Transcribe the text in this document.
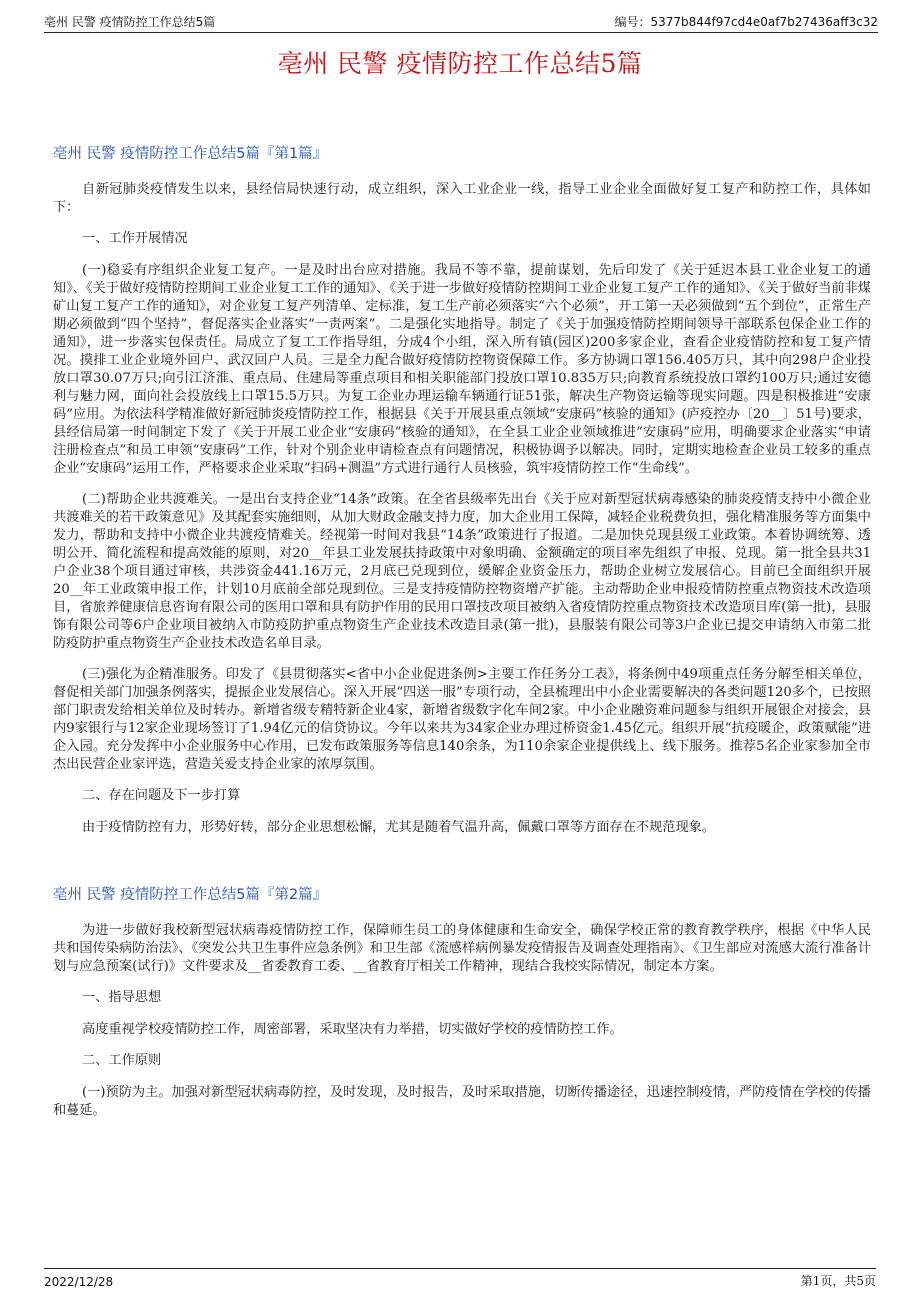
亳州 民警 疫情防控工作总结5篇	编号：5377b844f97cd4e0af7b27436aff3c32
亳州 民警 疫情防控工作总结5篇
亳州 民警 疫情防控工作总结5篇『第1篇』

自新冠肺炎疫情发生以来，县经信局快速行动，成立组织，深入工业企业一线，指导工业企业全面做好复工复产和防控工作，具体如下：

一、工作开展情况

(一)稳妥有序组织企业复工复产。一是及时出台应对措施。我局不等不靠，提前谋划，先后印发了《关于延迟本县工业企业复工的通知》、《关于做好疫情防控期间工业企业复工工作的通知》、《关于进一步做好疫情防控期间工业企业复工复产工作的通知》、《关于做好当前非煤矿山复工复产工作的通知》，对企业复工复产列清单、定标准，复工生产前必须落实“六个必须”，开工第一天必须做到“五个到位”，正常生产期必须做到“四个坚持”，督促落实企业落实“一责两案”。二是强化实地指导。制定了《关于加强疫情防控期间领导干部联系包保企业工作的通知》，进一步落实包保责任。局成立了复工工作指导组，分成4个小组，深入所有镇(园区)200多家企业，查看企业疫情防控和复工复产情况。摸排工业企业境外回户、武汉回户人员。三是全力配合做好疫情防控物资保障工作。多方协调口罩156.405万只，其中向298户企业投放口罩30.07万只;向引江济淮、重点局、住建局等重点项目和相关职能部门投放口罩10.835万只;向教育系统投放口罩约100万只;通过安德利与魅力网，面向社会投放线上口罩15.5万只。为复工企业办理运输车辆通行证51张，解决生产物资运输等现实问题。四是积极推进“安康码”应用。为依法科学精准做好新冠肺炎疫情防控工作，根据县《关于开展县重点领域“安康码”核验的通知》(庐疫控办〔20__〕51号)要求，县经信局第一时间制定下发了《关于开展工业企业“安康码”核验的通知》，在全县工业企业领域推进“安康码”应用，明确要求企业落实“申请注册检查点”和员工申领“安康码”工作，针对个别企业申请检查点有问题情况，积极协调予以解决。同时，定期实地检查企业员工较多的重点企业“安康码”运用工作，严格要求企业采取“扫码+测温”方式进行通行人员核验，筑牢疫情防控工作“生命线”。

(二)帮助企业共渡难关。一是出台支持企业“14条”政策。在全省县级率先出台《关于应对新型冠状病毒感染的肺炎疫情支持中小微企业共渡难关的若干政策意见》及其配套实施细则，从加大财政金融支持力度，加大企业用工保障，减轻企业税费负担，强化精准服务等方面集中发力，帮助和支持中小微企业共渡疫情难关。经视第一时间对我县“14条”政策进行了报道。二是加快兑现县级工业政策。本着协调统筹、透明公开、简化流程和提高效能的原则，对20__年县工业发展扶持政策中对象明确、金额确定的项目率先组织了申报、兑现。第一批全县共31户企业38个项目通过审核，共涉资金441.16万元，2月底已兑现到位，缓解企业资金压力，帮助企业树立发展信心。目前已全面组织开展20__年工业政策申报工作，计划10月底前全部兑现到位。三是支持疫情防控物资增产扩能。主动帮助企业申报疫情防控重点物资技术改造项目，省旅养健康信息咨询有限公司的医用口罩和具有防护作用的民用口罩技改项目被纳入省疫情防控重点物资技术改造项目库(第一批)，县服饰有限公司等6户企业项目被纳入市防疫防护重点物资生产企业技术改造目录(第一批)，县服装有限公司等3户企业已提交申请纳入市第二批防疫防护重点物资生产企业技术改造名单目录。

(三)强化为企精准服务。印发了《县贯彻落实<省中小企业促进条例>主要工作任务分工表》，将条例中49项重点任务分解至相关单位，督促相关部门加强条例落实，提振企业发展信心。深入开展“四送一服”专项行动，全县梳理出中小企业需要解决的各类问题120多个，已按照部门职责发给相关单位及时转办。新增省级专精特新企业4家，新增省级数字化车间2家。中小企业融资难问题参与组织开展银企对接会，县内9家银行与12家企业现场签订了1.94亿元的信贷协议。今年以来共为34家企业办理过桥资金1.45亿元。组织开展“抗疫暖企，政策赋能”进企入园。充分发挥中小企业服务中心作用，已发布政策服务等信息140余条，为110余家企业提供线上、线下服务。推荐5名企业家参加全市杰出民营企业家评选，营造关爱支持企业家的浓厚氛围。

二、存在问题及下一步打算

由于疫情防控有力，形势好转，部分企业思想松懈，尤其是随着气温升高，佩戴口罩等方面存在不规范现象。

亳州 民警 疫情防控工作总结5篇『第2篇』

为进一步做好我校新型冠状病毒疫情防控工作，保障师生员工的身体健康和生命安全，确保学校正常的教育教学秩序，根据《中华人民共和国传染病防治法》、《突发公共卫生事件应急条例》和卫生部《流感样病例暴发疫情报告及调查处理指南》、《卫生部应对流感大流行准备计划与应急预案(试行)》文件要求及__省委教育工委、__省教育厅相关工作精神，现结合我校实际情况，制定本方案。

一、指导思想

高度重视学校疫情防控工作，周密部署，采取坚决有力举措，切实做好学校的疫情防控工作。

二、工作原则

(一)预防为主。加强对新型冠状病毒防控，及时发现，及时报告，及时采取措施，切断传播途径，迅速控制疫情，严防疫情在学校的传播和蔓延。

2022/12/28	第1页，共5页
